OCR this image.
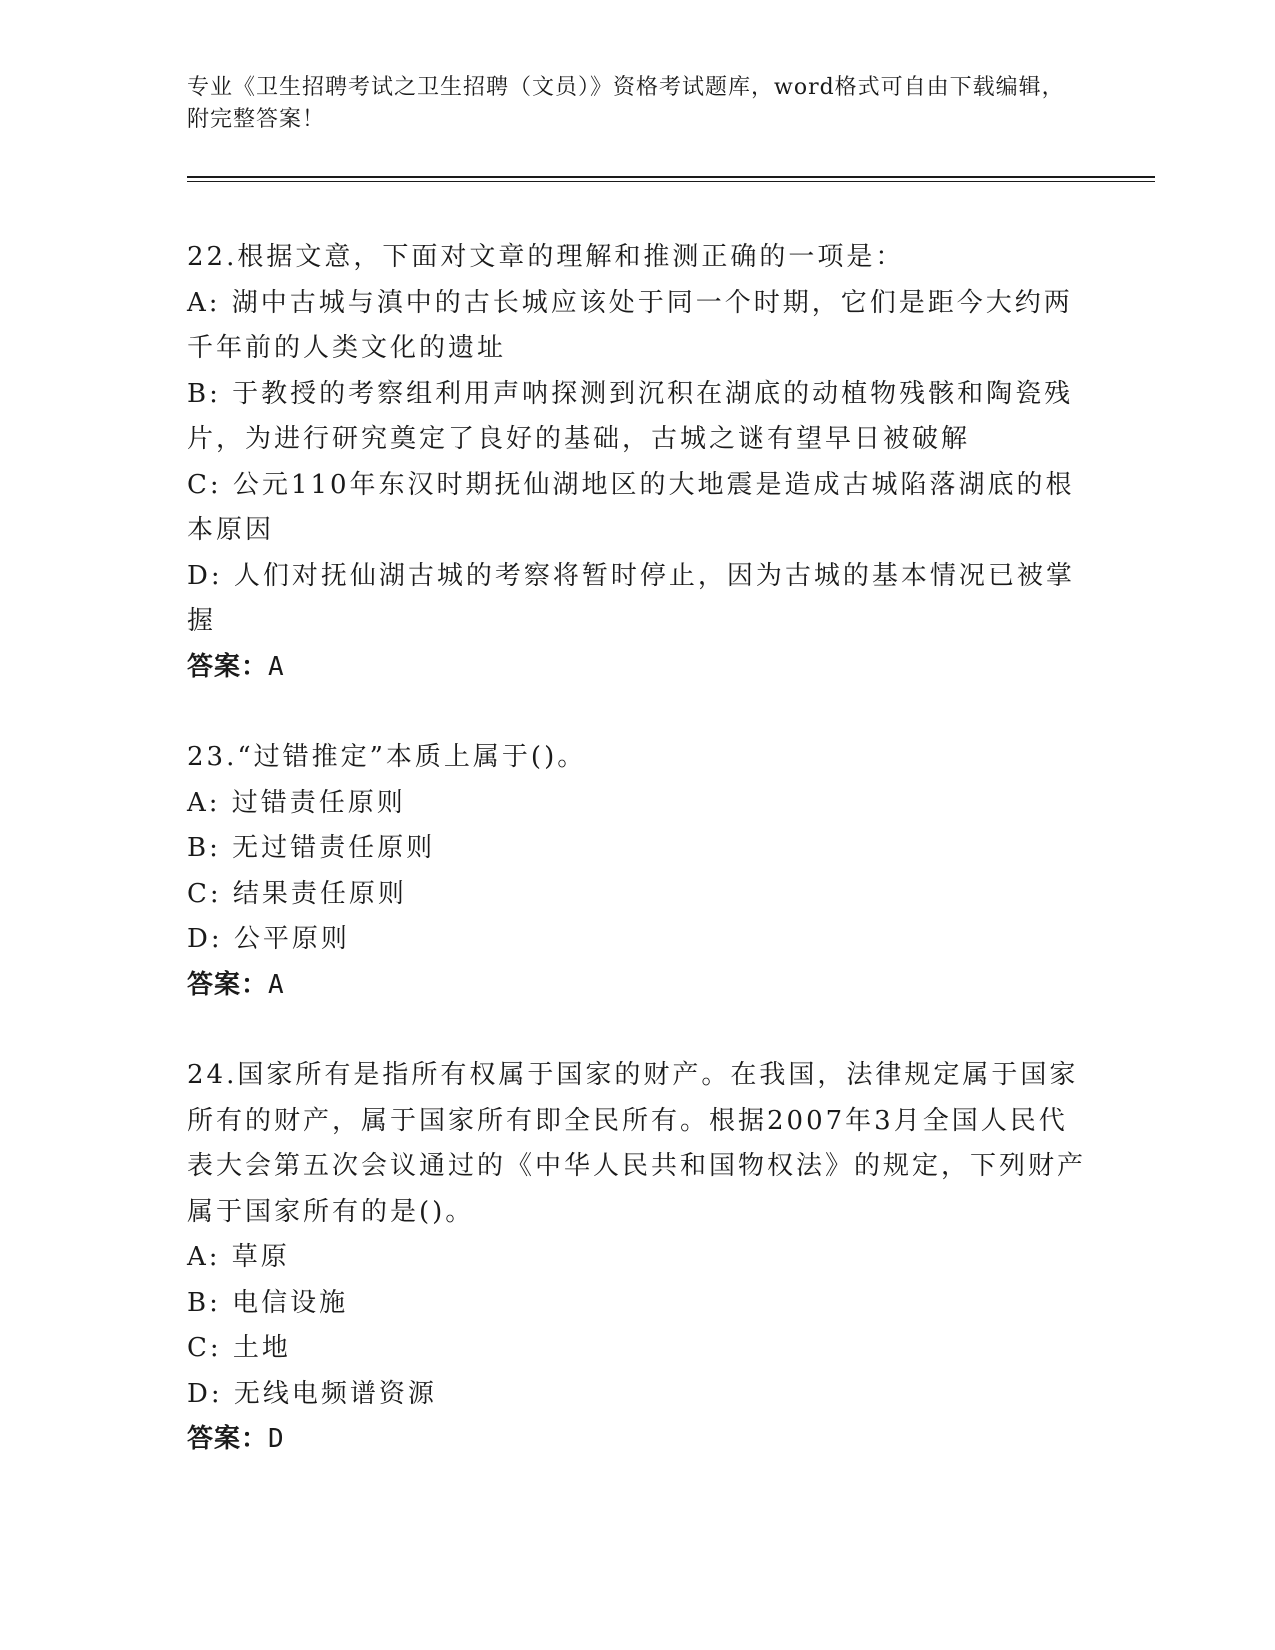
专业《卫生招聘考试之卫生招聘（文员）》资格考试题库，word格式可自由下载编辑，附完整答案！

22.根据文意，下面对文章的理解和推测正确的一项是：

A: 湖中古城与滇中的古长城应该处于同一个时期，它们是距今大约两千年前的人类文化的遗址

B: 于教授的考察组利用声呐探测到沉积在湖底的动植物残骸和陶瓷残片，为进行研究奠定了良好的基础，古城之谜有望早日被破解

C: 公元110年东汉时期抚仙湖地区的大地震是造成古城陷落湖底的根本原因

D: 人们对抚仙湖古城的考察将暂时停止，因为古城的基本情况已被掌握

答案：A

23.“过错推定”本质上属于()。

A: 过错责任原则

B: 无过错责任原则

C: 结果责任原则

D: 公平原则

答案：A

24.国家所有是指所有权属于国家的财产。在我国，法律规定属于国家所有的财产，属于国家所有即全民所有。根据2007年3月全国人民代表大会第五次会议通过的《中华人民共和国物权法》的规定，下列财产属于国家所有的是()。

A: 草原

B: 电信设施

C: 土地

D: 无线电频谱资源

答案：D
